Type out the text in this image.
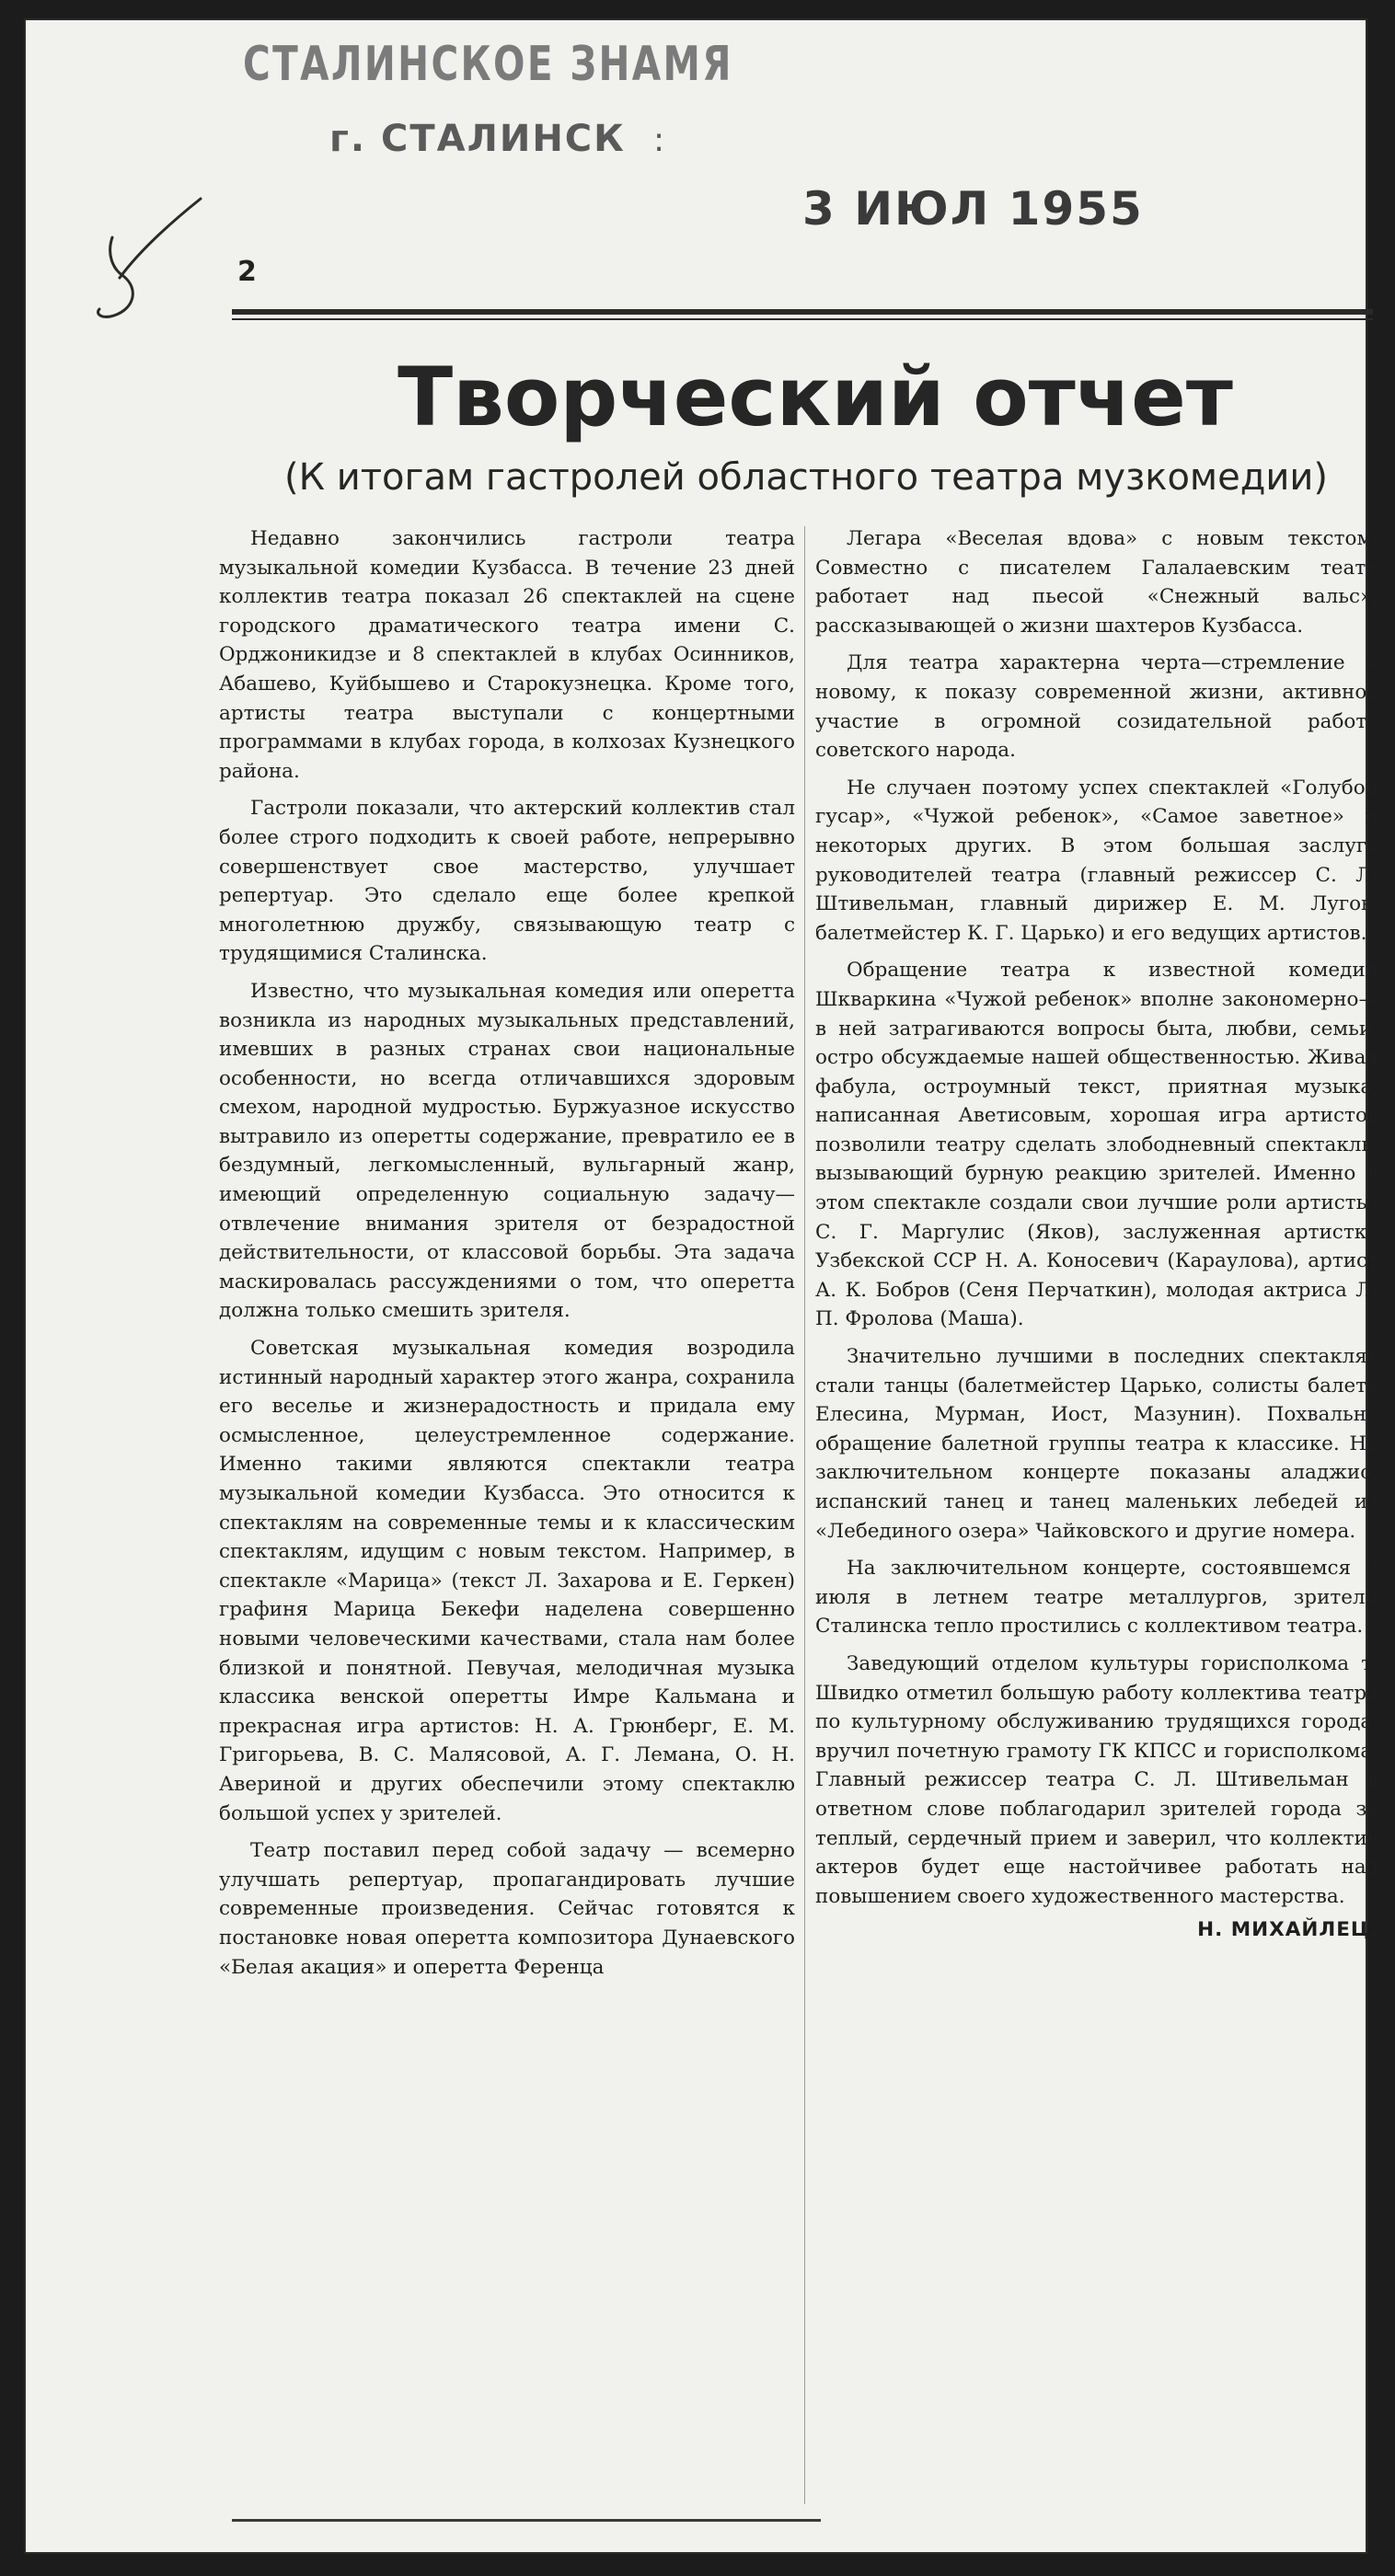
СТАЛИНСКОЕ ЗНАМЯ
г. СТАЛИНСК :
3 ИЮЛ 1955
2
Творческий отчет
(К итогам гастролей областного театра музкомедии)

Недавно закончились гастроли театра музыкальной комедии Кузбасса. В течение 23 дней коллектив театра показал 26 спектаклей на сцене городского драматического театра имени С. Орджоникидзе и 8 спектаклей в клубах Осинников, Абашево, Куйбышево и Старокузнецка. Кроме того, артисты театра выступали с концертными программами в клубах города, в колхозах Кузнецкого района.

Гастроли показали, что актерский коллектив стал более строго подходить к своей работе, непрерывно совершенствует свое мастерство, улучшает репертуар. Это сделало еще более крепкой многолетнюю дружбу, связывающую театр с трудящимися Сталинска.

Известно, что музыкальная комедия или оперетта возникла из народных музыкальных представлений, имевших в разных странах свои национальные особенности, но всегда отличавшихся здоровым смехом, народной мудростью. Буржуазное искусство вытравило из оперетты содержание, превратило ее в бездумный, легкомысленный, вульгарный жанр, имеющий определенную социальную задачу—отвлечение внимания зрителя от безрадостной действительности, от классовой борьбы. Эта задача маскировалась рассуждениями о том, что оперетта должна только смешить зрителя.

Советская музыкальная комедия возродила истинный народный характер этого жанра, сохранила его веселье и жизнерадостность и придала ему осмысленное, целеустремленное содержание. Именно такими являются спектакли театра музыкальной комедии Кузбасса. Это относится к спектаклям на современные темы и к классическим спектаклям, идущим с новым текстом. Например, в спектакле «Марица» (текст Л. Захарова и Е. Геркен) графиня Марица Бекефи наделена совершенно новыми человеческими качествами, стала нам более близкой и понятной. Певучая, мелодичная музыка классика венской оперетты Имре Кальмана и прекрасная игра артистов: Н. А. Грюнберг, Е. М. Григорьева, В. С. Малясовой, А. Г. Лемана, О. Н. Авериной и других обеспечили этому спектаклю большой успех у зрителей.

Театр поставил перед собой задачу — всемерно улучшать репертуар, пропагандировать лучшие современные произведения. Сейчас готовятся к постановке новая оперетта композитора Дунаевского «Белая акация» и оперетта Ференца

Легара «Веселая вдова» с новым текстом. Совместно с писателем Галалаевским театр работает над пьесой «Снежный вальс», рассказывающей о жизни шахтеров Кузбасса.

Для театра характерна черта—стремление к новому, к показу современной жизни, активное участие в огромной созидательной работе советского народа.

Не случаен поэтому успех спектаклей «Голубой гусар», «Чужой ребенок», «Самое заветное» и некоторых других. В этом большая заслуга руководителей театра (главный режиссер С. Л. Штивельман, главный дирижер Е. М. Лугов, балетмейстер К. Г. Царько) и его ведущих артистов.

Обращение театра к известной комедии Шкваркина «Чужой ребенок» вполне закономерно—в ней затрагиваются вопросы быта, любви, семьи, остро обсуждаемые нашей общественностью. Живая фабула, остроумный текст, приятная музыка, написанная Аветисовым, хорошая игра артистов позволили театру сделать злободневный спектакль, вызывающий бурную реакцию зрителей. Именно в этом спектакле создали свои лучшие роли артисты: С. Г. Маргулис (Яков), заслуженная артистка Узбекской ССР Н. А. Коносевич (Караулова), артист А. К. Бобров (Сеня Перчаткин), молодая актриса Л. П. Фролова (Маша).

Значительно лучшими в последних спектаклях стали танцы (балетмейстер Царько, солисты балета Елесина, Мурман, Иост, Мазунин). Похвально обращение балетной группы театра к классике. На заключительном концерте показаны аладжио, испанский танец и танец маленьких лебедей из «Лебединого озера» Чайковского и другие номера.

На заключительном концерте, состоявшемся 6 июля в летнем театре металлургов, зрители Сталинска тепло простились с коллективом театра.

Заведующий отделом культуры горисполкома т. Швидко отметил большую работу коллектива театра по культурному обслуживанию трудящихся города, вручил почетную грамоту ГК КПСС и горисполкома. Главный режиссер театра С. Л. Штивельман в ответном слове поблагодарил зрителей города за теплый, сердечный прием и заверил, что коллектив актеров будет еще настойчивее работать над повышением своего художественного мастерства.

Н. МИХАЙЛЕЦ.
